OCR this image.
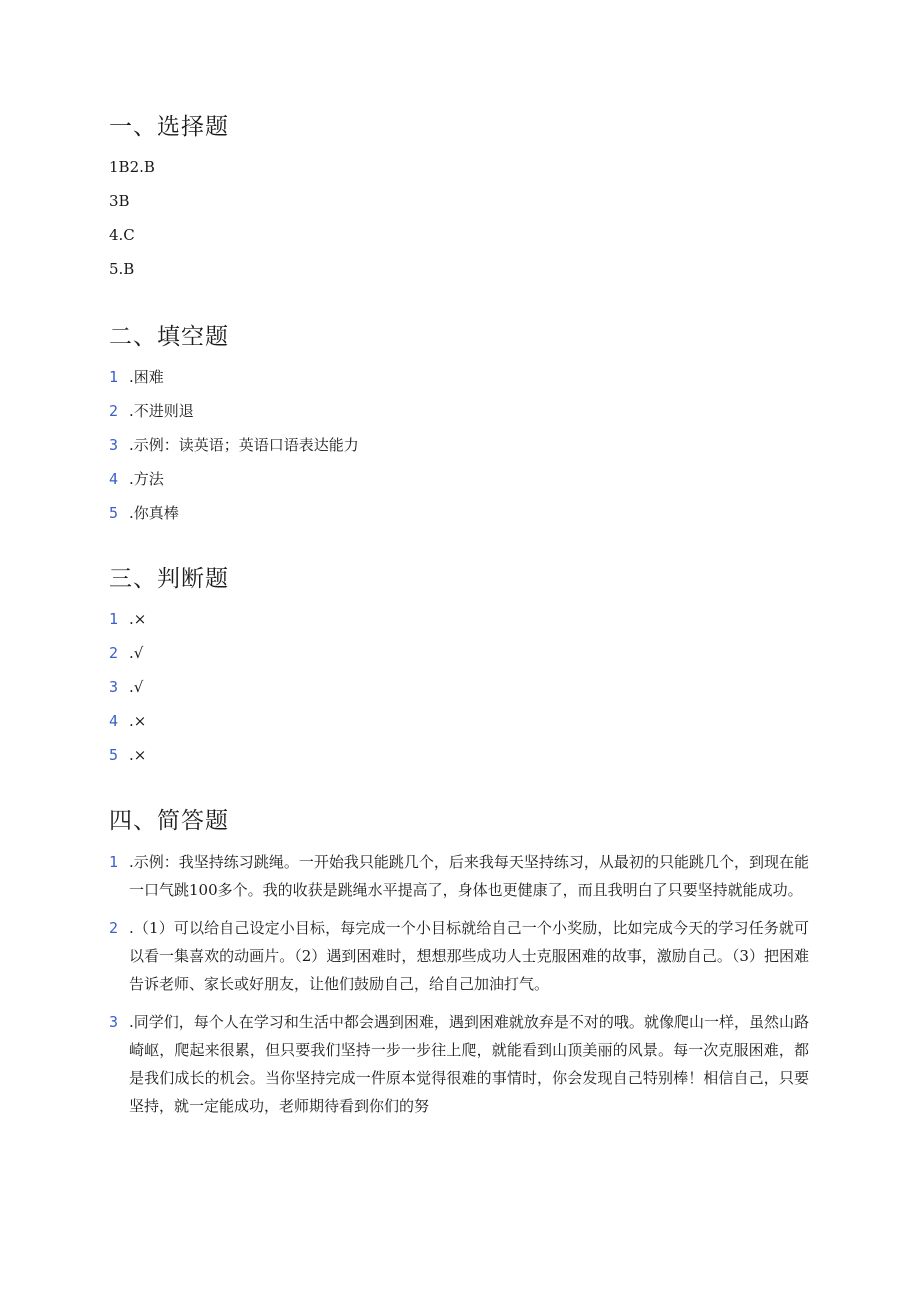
一、选择题
1B2.B
3B
4.C
5.B
二、填空题
1 .困难
2 .不进则退
3 .示例：读英语；英语口语表达能力
4 .方法
5 .你真棒
三、判断题
1 .×
2 .√
3 .√
4 .×
5 .×
四、简答题
1 .示例：我坚持练习跳绳。一开始我只能跳几个，后来我每天坚持练习，从最初的只能跳几个，到现在能一口气跳100多个。我的收获是跳绳水平提高了，身体也更健康了，而且我明白了只要坚持就能成功。
2 .（1）可以给自己设定小目标，每完成一个小目标就给自己一个小奖励，比如完成今天的学习任务就可以看一集喜欢的动画片。（2）遇到困难时，想想那些成功人士克服困难的故事，激励自己。（3）把困难告诉老师、家长或好朋友，让他们鼓励自己，给自己加油打气。
3 .同学们，每个人在学习和生活中都会遇到困难，遇到困难就放弃是不对的哦。就像爬山一样，虽然山路崎岖，爬起来很累，但只要我们坚持一步一步往上爬，就能看到山顶美丽的风景。每一次克服困难，都是我们成长的机会。当你坚持完成一件原本觉得很难的事情时，你会发现自己特别棒！相信自己，只要坚持，就一定能成功，老师期待看到你们的努
